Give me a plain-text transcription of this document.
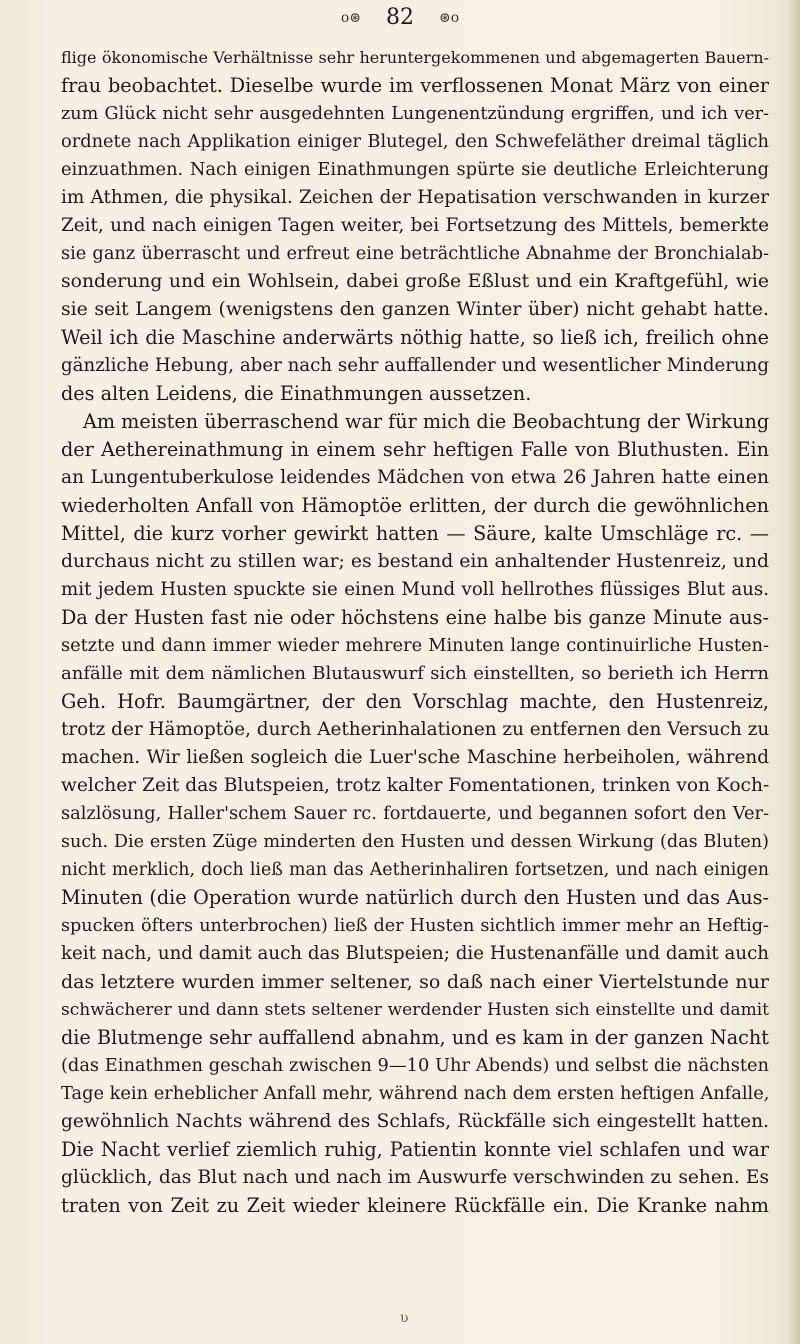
o⊛ 82 ⊛o
flige ökonomische Verhältnisse sehr heruntergekommenen und abgemagerten Bauern-
frau beobachtet. Dieselbe wurde im verflossenen Monat März von einer
zum Glück nicht sehr ausgedehnten Lungenentzündung ergriffen, und ich ver-
ordnete nach Applikation einiger Blutegel, den Schwefeläther dreimal täglich
einzuathmen. Nach einigen Einathmungen spürte sie deutliche Erleichterung
im Athmen, die physikal. Zeichen der Hepatisation verschwanden in kurzer
Zeit, und nach einigen Tagen weiter, bei Fortsetzung des Mittels, bemerkte
sie ganz überrascht und erfreut eine beträchtliche Abnahme der Bronchialab-
sonderung und ein Wohlsein, dabei große Eßlust und ein Kraftgefühl, wie
sie seit Langem (wenigstens den ganzen Winter über) nicht gehabt hatte.
Weil ich die Maschine anderwärts nöthig hatte, so ließ ich, freilich ohne
gänzliche Hebung, aber nach sehr auffallender und wesentlicher Minderung
des alten Leidens, die Einathmungen aussetzen.
Am meisten überraschend war für mich die Beobachtung der Wirkung
der Aethereinathmung in einem sehr heftigen Falle von Bluthusten. Ein
an Lungentuberkulose leidendes Mädchen von etwa 26 Jahren hatte einen
wiederholten Anfall von Hämoptöe erlitten, der durch die gewöhnlichen
Mittel, die kurz vorher gewirkt hatten — Säure, kalte Umschläge rc. —
durchaus nicht zu stillen war; es bestand ein anhaltender Hustenreiz, und
mit jedem Husten spuckte sie einen Mund voll hellrothes flüssiges Blut aus.
Da der Husten fast nie oder höchstens eine halbe bis ganze Minute aus-
setzte und dann immer wieder mehrere Minuten lange continuirliche Husten-
anfälle mit dem nämlichen Blutauswurf sich einstellten, so berieth ich Herrn
Geh. Hofr. Baumgärtner, der den Vorschlag machte, den Hustenreiz,
trotz der Hämoptöe, durch Aetherinhalationen zu entfernen den Versuch zu
machen. Wir ließen sogleich die Luer'sche Maschine herbeiholen, während
welcher Zeit das Blutspeien, trotz kalter Fomentationen, trinken von Koch-
salzlösung, Haller'schem Sauer rc. fortdauerte, und begannen sofort den Ver-
such. Die ersten Züge minderten den Husten und dessen Wirkung (das Bluten)
nicht merklich, doch ließ man das Aetherinhaliren fortsetzen, und nach einigen
Minuten (die Operation wurde natürlich durch den Husten und das Aus-
spucken öfters unterbrochen) ließ der Husten sichtlich immer mehr an Heftig-
keit nach, und damit auch das Blutspeien; die Hustenanfälle und damit auch
das letztere wurden immer seltener, so daß nach einer Viertelstunde nur
schwächerer und dann stets seltener werdender Husten sich einstellte und damit
die Blutmenge sehr auffallend abnahm, und es kam in der ganzen Nacht
(das Einathmen geschah zwischen 9—10 Uhr Abends) und selbst die nächsten
Tage kein erheblicher Anfall mehr, während nach dem ersten heftigen Anfalle,
gewöhnlich Nachts während des Schlafs, Rückfälle sich eingestellt hatten.
Die Nacht verlief ziemlich ruhig, Patientin konnte viel schlafen und war
glücklich, das Blut nach und nach im Auswurfe verschwinden zu sehen. Es
traten von Zeit zu Zeit wieder kleinere Rückfälle ein. Die Kranke nahm
ʋ
